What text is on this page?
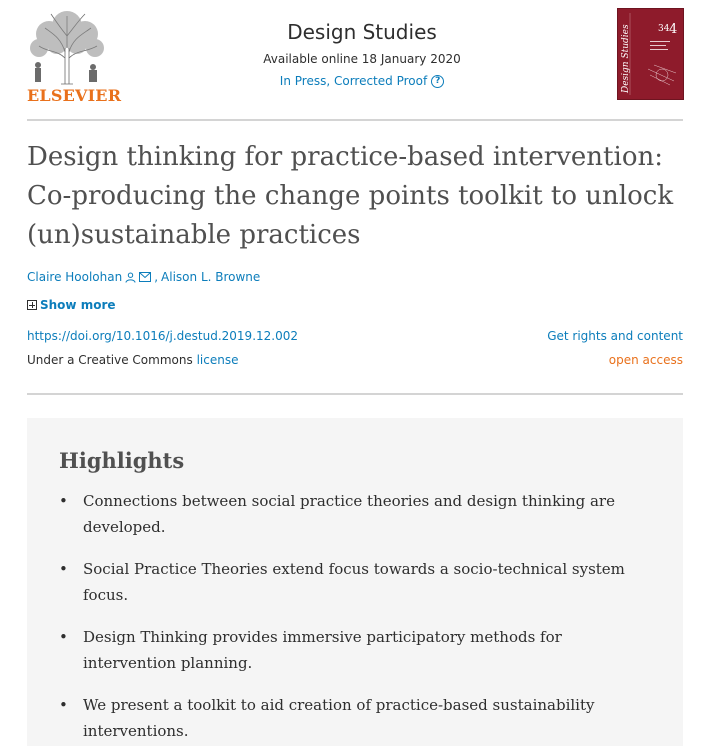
ELSEVIER
Design Studies
Available online 18 January 2020
In Press, Corrected Proof ?
34 4
Design Studies
Design thinking for practice-based intervention: Co-producing the change points toolkit to unlock (un)sustainable practices
Claire Hoolohan	, Alison L. Browne
Show more
https://doi.org/10.1016/j.destud.2019.12.002	Get rights and content
Under a Creative Commons license	open access
Highlights
• Connections between social practice theories and design thinking are developed.
• Social Practice Theories extend focus towards a socio-technical system focus.
• Design Thinking provides immersive participatory methods for intervention planning.
• We present a toolkit to aid creation of practice-based sustainability interventions.
